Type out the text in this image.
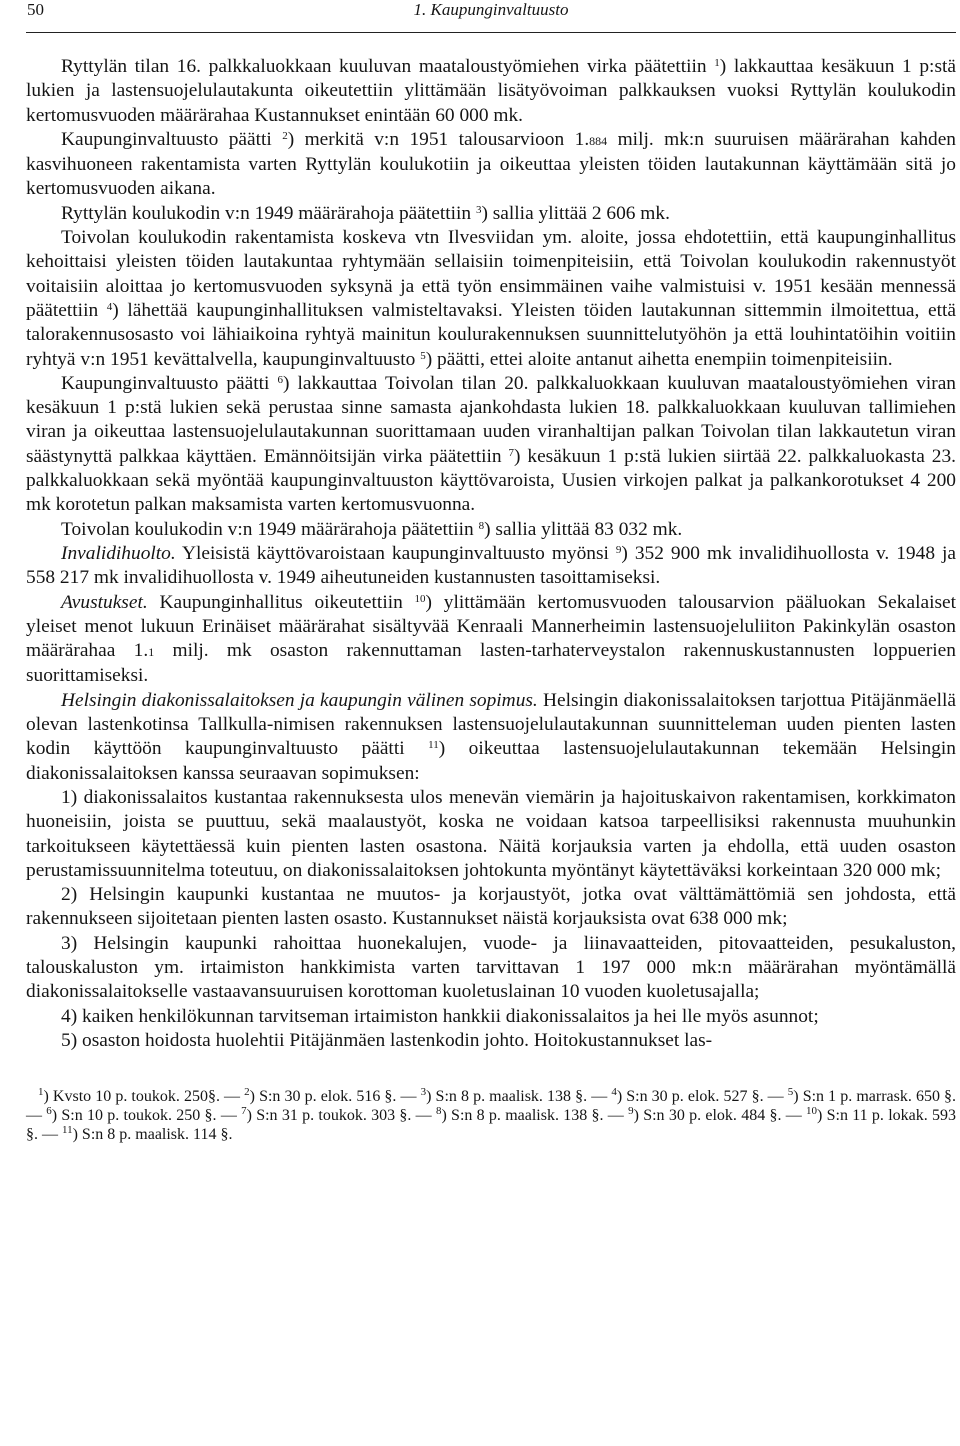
50	1. Kaupunginvaltuusto

Ryttylän tilan 16. palkkaluokkaan kuuluvan maataloustyömiehen virka päätettiin $^1$) lakkauttaa kesäkuun 1 p:stä lukien ja lastensuojelulautakunta oikeutettiin ylittämään lisätyövoiman palkkauksen vuoksi Ryttylän koulukodin kertomusvuoden määrärahaa Kustannukset enintään 60 000 mk.

Kaupunginvaltuusto päätti $^2$) merkitä v:n 1951 talousarvioon 1.884 milj. mk:n suuruisen määrärahan kahden kasvihuoneen rakentamista varten Ryttylän koulukotiin ja oikeuttaa yleisten töiden lautakunnan käyttämään sitä jo kertomusvuoden aikana.

Ryttylän koulukodin v:n 1949 määrärahoja päätettiin $^3$) sallia ylittää 2 606 mk.

Toivolan koulukodin rakentamista koskeva vtn Ilvesviidan ym. aloite, jossa ehdotettiin, että kaupunginhallitus kehoittaisi yleisten töiden lautakuntaa ryhtymään sellaisiin toimenpiteisiin, että Toivolan koulukodin rakennustyöt voitaisiin aloittaa jo kertomusvuoden syksynä ja että työn ensimmäinen vaihe valmistuisi v. 1951 kesään mennessä päätettiin $^4$) lähettää kaupunginhallituksen valmisteltavaksi. Yleisten töiden lautakunnan sittemmin ilmoitettua, että talorakennusosasto voi lähiaikoina ryhtyä mainitun koulurakennuksen suunnittelutyöhön ja että louhintatöihin voitiin ryhtyä v:n 1951 kevättalvella, kaupunginvaltuusto $^5$) päätti, ettei aloite antanut aihetta enempiin toimenpiteisiin.

Kaupunginvaltuusto päätti $^6$) lakkauttaa Toivolan tilan 20. palkkaluokkaan kuuluvan maataloustyömiehen viran kesäkuun 1 p:stä lukien sekä perustaa sinne samasta ajankohdasta lukien 18. palkkaluokkaan kuuluvan tallimiehen viran ja oikeuttaa lastensuojelulautakunnan suorittamaan uuden viranhaltijan palkan Toivolan tilan lakkautetun viran säästynyttä palkkaa käyttäen. Emännöitsijän virka päätettiin $^7$) kesäkuun 1 p:stä lukien siirtää 22. palkkaluokasta 23. palkkaluokkaan sekä myöntää kaupunginvaltuuston käyttövaroista, Uusien virkojen palkat ja palkankorotukset 4 200 mk korotetun palkan maksamista varten kertomusvuonna.

Toivolan koulukodin v:n 1949 määrärahoja päätettiin $^8$) sallia ylittää 83 032 mk.

Invalidihuolto. Yleisistä käyttövaroistaan kaupunginvaltuusto myönsi $^9$) 352 900 mk invalidihuollosta v. 1948 ja 558 217 mk invalidihuollosta v. 1949 aiheutuneiden kustannusten tasoittamiseksi.

Avustukset. Kaupunginhallitus oikeutettiin $^{10}$) ylittämään kertomusvuoden talousarvion pääluokan Sekalaiset yleiset menot lukuun Erinäiset määrärahat sisältyvää Kenraali Mannerheimin lastensuojeluliiton Pakinkylän osaston määrärahaa 1.1 milj. mk osaston rakennuttaman lasten-tarhaterveystalon rakennuskustannusten loppuerien suorittamiseksi.

Helsingin diakonissalaitoksen ja kaupungin välinen sopimus. Helsingin diakonissalaitoksen tarjottua Pitäjänmäellä olevan lastenkotinsa Tallkulla-nimisen rakennuksen lastensuojelulautakunnan suunnitteleman uuden pienten lasten kodin käyttöön kaupunginvaltuusto päätti $^{11}$) oikeuttaa lastensuojelulautakunnan tekemään Helsingin diakonissalaitoksen kanssa seuraavan sopimuksen:

1) diakonissalaitos kustantaa rakennuksesta ulos menevän viemärin ja hajoituskaivon rakentamisen, korkkimaton huoneisiin, joista se puuttuu, sekä maalaustyöt, koska ne voidaan katsoa tarpeellisiksi rakennusta muuhunkin tarkoitukseen käytettäessä kuin pienten lasten osastona. Näitä korjauksia varten ja ehdolla, että uuden osaston perustamissuunnitelma toteutuu, on diakonissalaitoksen johtokunta myöntänyt käytettäväksi korkeintaan 320 000 mk;

2) Helsingin kaupunki kustantaa ne muutos- ja korjaustyöt, jotka ovat välttämättömiä sen johdosta, että rakennukseen sijoitetaan pienten lasten osasto. Kustannukset näistä korjauksista ovat 638 000 mk;

3) Helsingin kaupunki rahoittaa huonekalujen, vuode- ja liinavaatteiden, pitovaatteiden, pesukaluston, talouskaluston ym. irtaimiston hankkimista varten tarvittavan 1 197 000 mk:n määrärahan myöntämällä diakonissalaitokselle vastaavansuuruisen korottoman kuoletuslainan 10 vuoden kuoletusajalla;

4) kaiken henkilökunnan tarvitseman irtaimiston hankkii diakonissalaitos ja hei lle myös asunnot;

5) osaston hoidosta huolehtii Pitäjänmäen lastenkodin johto. Hoitokustannukset las-

$^1$) Kvsto 10 p. toukok. 250§. — $^2$) S:n 30 p. elok. 516 §. — $^3$) S:n 8 p. maalisk. 138 §. — $^4$) S:n 30 p. elok. 527 §. — $^5$) S:n 1 p. marrask. 650 §. — $^6$) S:n 10 p. toukok. 250 §. — $^7$) S:n 31 p. toukok. 303 §. — $^8$) S:n 8 p. maalisk. 138 §. — $^9$) S:n 30 p. elok. 484 §. — $^{10}$) S:n 11 p. lokak. 593 §. — $^{11}$) S:n 8 p. maalisk. 114 §.
